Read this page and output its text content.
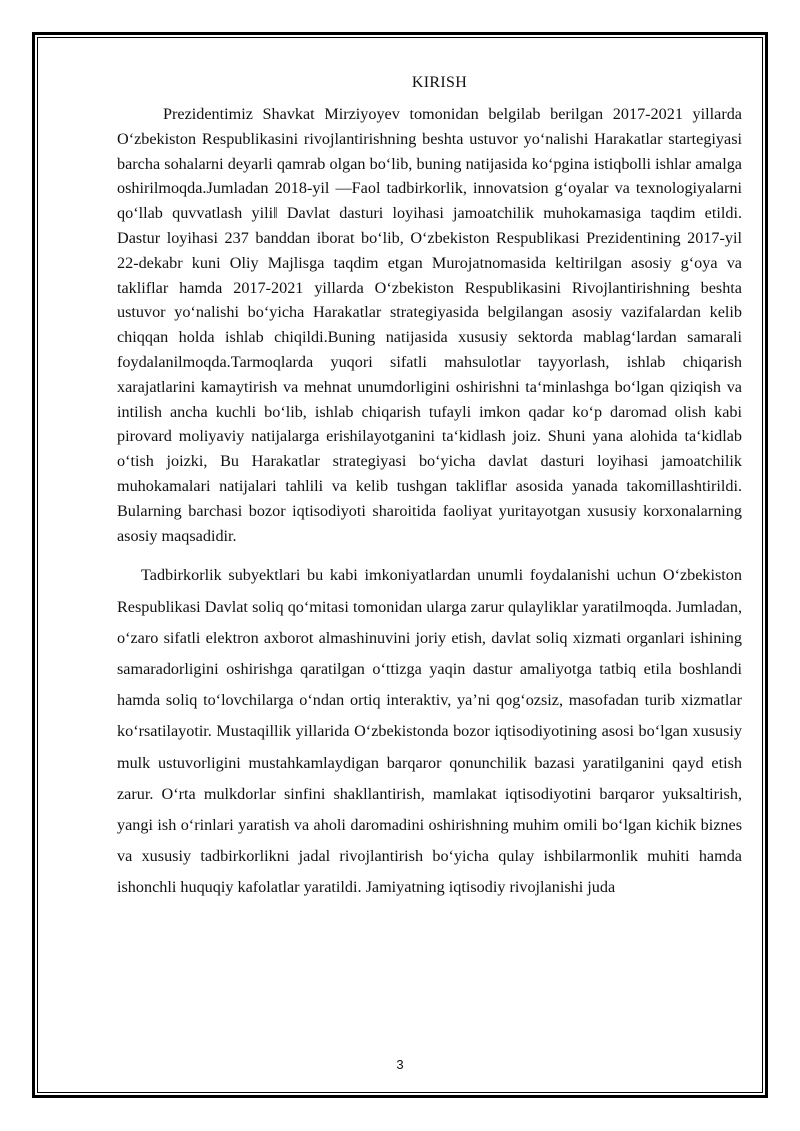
KIRISH

Prezidentimiz Shavkat Mirziyoyev tomonidan belgilab berilgan 2017-2021 yillarda O‘zbekiston Respublikasini rivojlantirishning beshta ustuvor yo‘nalishi Harakatlar startegiyasi barcha sohalarni deyarli qamrab olgan bo‘lib, buning natijasida ko‘pgina istiqbolli ishlar amalga oshirilmoqda.Jumladan 2018-yil —Faol tadbirkorlik, innovatsion g‘oyalar va texnologiyalarni qo‘llab quvvatlash yili‖ Davlat dasturi loyihasi jamoatchilik muhokamasiga taqdim etildi. Dastur loyihasi 237 banddan iborat bo‘lib, O‘zbekiston Respublikasi Prezidentining 2017-yil 22-dekabr kuni Oliy Majlisga taqdim etgan Murojatnomasida keltirilgan asosiy g‘oya va takliflar hamda 2017-2021 yillarda O‘zbekiston Respublikasini Rivojlantirishning beshta ustuvor yo‘nalishi bo‘yicha Harakatlar strategiyasida belgilangan asosiy vazifalardan kelib chiqqan holda ishlab chiqildi.Buning natijasida xususiy sektorda mablag‘lardan samarali foydalanilmoqda.Tarmoqlarda yuqori sifatli mahsulotlar tayyorlash, ishlab chiqarish xarajatlarini kamaytirish va mehnat unumdorligini oshirishni ta‘minlashga bo‘lgan qiziqish va intilish ancha kuchli bo‘lib, ishlab chiqarish tufayli imkon qadar ko‘p daromad olish kabi pirovard moliyaviy natijalarga erishilayotganini ta‘kidlash joiz. Shuni yana alohida ta‘kidlab o‘tish joizki, Bu Harakatlar strategiyasi bo‘yicha davlat dasturi loyihasi jamoatchilik muhokamalari natijalari tahlili va kelib tushgan takliflar asosida yanada takomillashtirildi. Bularning barchasi bozor iqtisodiyoti sharoitida faoliyat yuritayotgan xususiy korxonalarning asosiy maqsadidir.

Tadbirkorlik subyektlari bu kabi imkoniyatlardan unumli foydalanishi uchun O‘zbekiston Respublikasi Davlat soliq qo‘mitasi tomonidan ularga zarur qulayliklar yaratilmoqda. Jumladan, o‘zaro sifatli elektron axborot almashinuvini joriy etish, davlat soliq xizmati organlari ishining samaradorligini oshirishga qaratilgan o‘ttizga yaqin dastur amaliyotga tatbiq etila boshlandi hamda soliq to‘lovchilarga o‘ndan ortiq interaktiv, ya’ni qog‘ozsiz, masofadan turib xizmatlar ko‘rsatilayotir. Mustaqillik yillarida O‘zbekistonda bozor iqtisodiyotining asosi bo‘lgan xususiy mulk ustuvorligini mustahkamlaydigan barqaror qonunchilik bazasi yaratilganini qayd etish zarur. O‘rta mulkdorlar sinfini shakllantirish, mamlakat iqtisodiyotini barqaror yuksaltirish, yangi ish o‘rinlari yaratish va aholi daromadini oshirishning muhim omili bo‘lgan kichik biznes va xususiy tadbirkorlikni jadal rivojlantirish bo‘yicha qulay ishbilarmonlik muhiti hamda ishonchli huquqiy kafolatlar yaratildi. Jamiyatning iqtisodiy rivojlanishi juda

3
